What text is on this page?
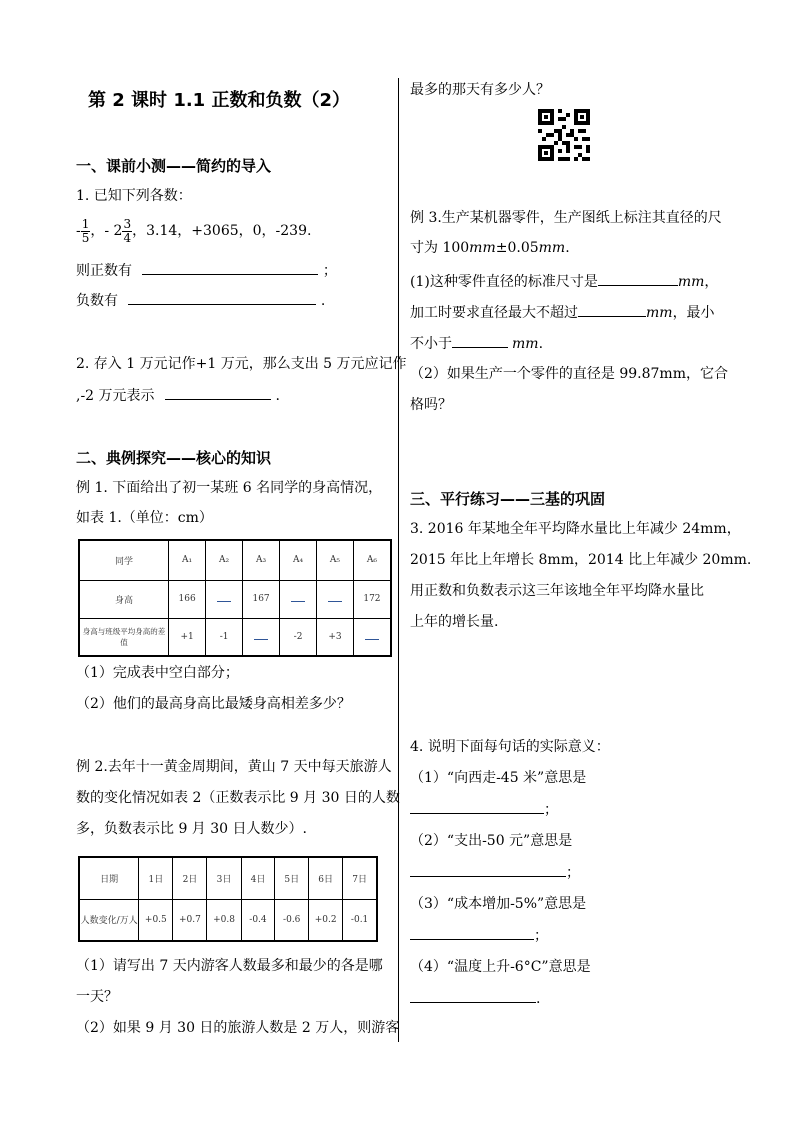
第 2 课时 1.1 正数和负数（2）
一、课前小测——简约的导入
1. 已知下列各数：
- $\frac{1}{5}$ ， - $2 \frac{3}{4}$ ，3.14，+3065，0，-239.
则正数有	；
负数有	.
2. 存入 1 万元记作+1 万元，那么支出 5 万元应记作
,-2 万元表示	.
二、典例探究——核心的知识
例 1. 下面给出了初一某班 6 名同学的身高情况，
如表 1.（单位：cm）
同学	A₁	A₂	A₃	A₄	A₅	A₆
身高	166		167			172
身高与班级平均身高的差值	+1	-1		-2	+3	
（1）完成表中空白部分；
（2）他们的最高身高比最矮身高相差多少？
例 2.去年十一黄金周期间，黄山 7 天中每天旅游人
数的变化情况如表 2（正数表示比 9 月 30 日的人数
多，负数表示比 9 月 30 日人数少）.
日期	1日	2日	3日	4日	5日	6日	7日
人数变化/万人	+0.5	+0.7	+0.8	-0.4	-0.6	+0.2	-0.1
（1）请写出 7 天内游客人数最多和最少的各是哪
一天？
（2）如果 9 月 30 日的旅游人数是 2 万人，则游客
最多的那天有多少人？
例 3.生产某机器零件，生产图纸上标注其直径的尺
寸为 100mm±0.05mm.
(1)这种零件直径的标准尺寸是	mm，
加工时要求直径最大不超过	mm，最小
不小于	mm.
（2）如果生产一个零件的直径是 99.87mm，它合
格吗？
三、平行练习——三基的巩固
3. 2016 年某地全年平均降水量比上年减少 24mm，
2015 年比上年增长 8mm，2014 比上年减少 20mm.
用正数和负数表示这三年该地全年平均降水量比
上年的增长量.
4. 说明下面每句话的实际意义：
（1）“向西走-45 米”意思是
；
（2）“支出-50 元”意思是
；
（3）“成本增加-5%”意思是
；
（4）“温度上升-6°C”意思是
.
